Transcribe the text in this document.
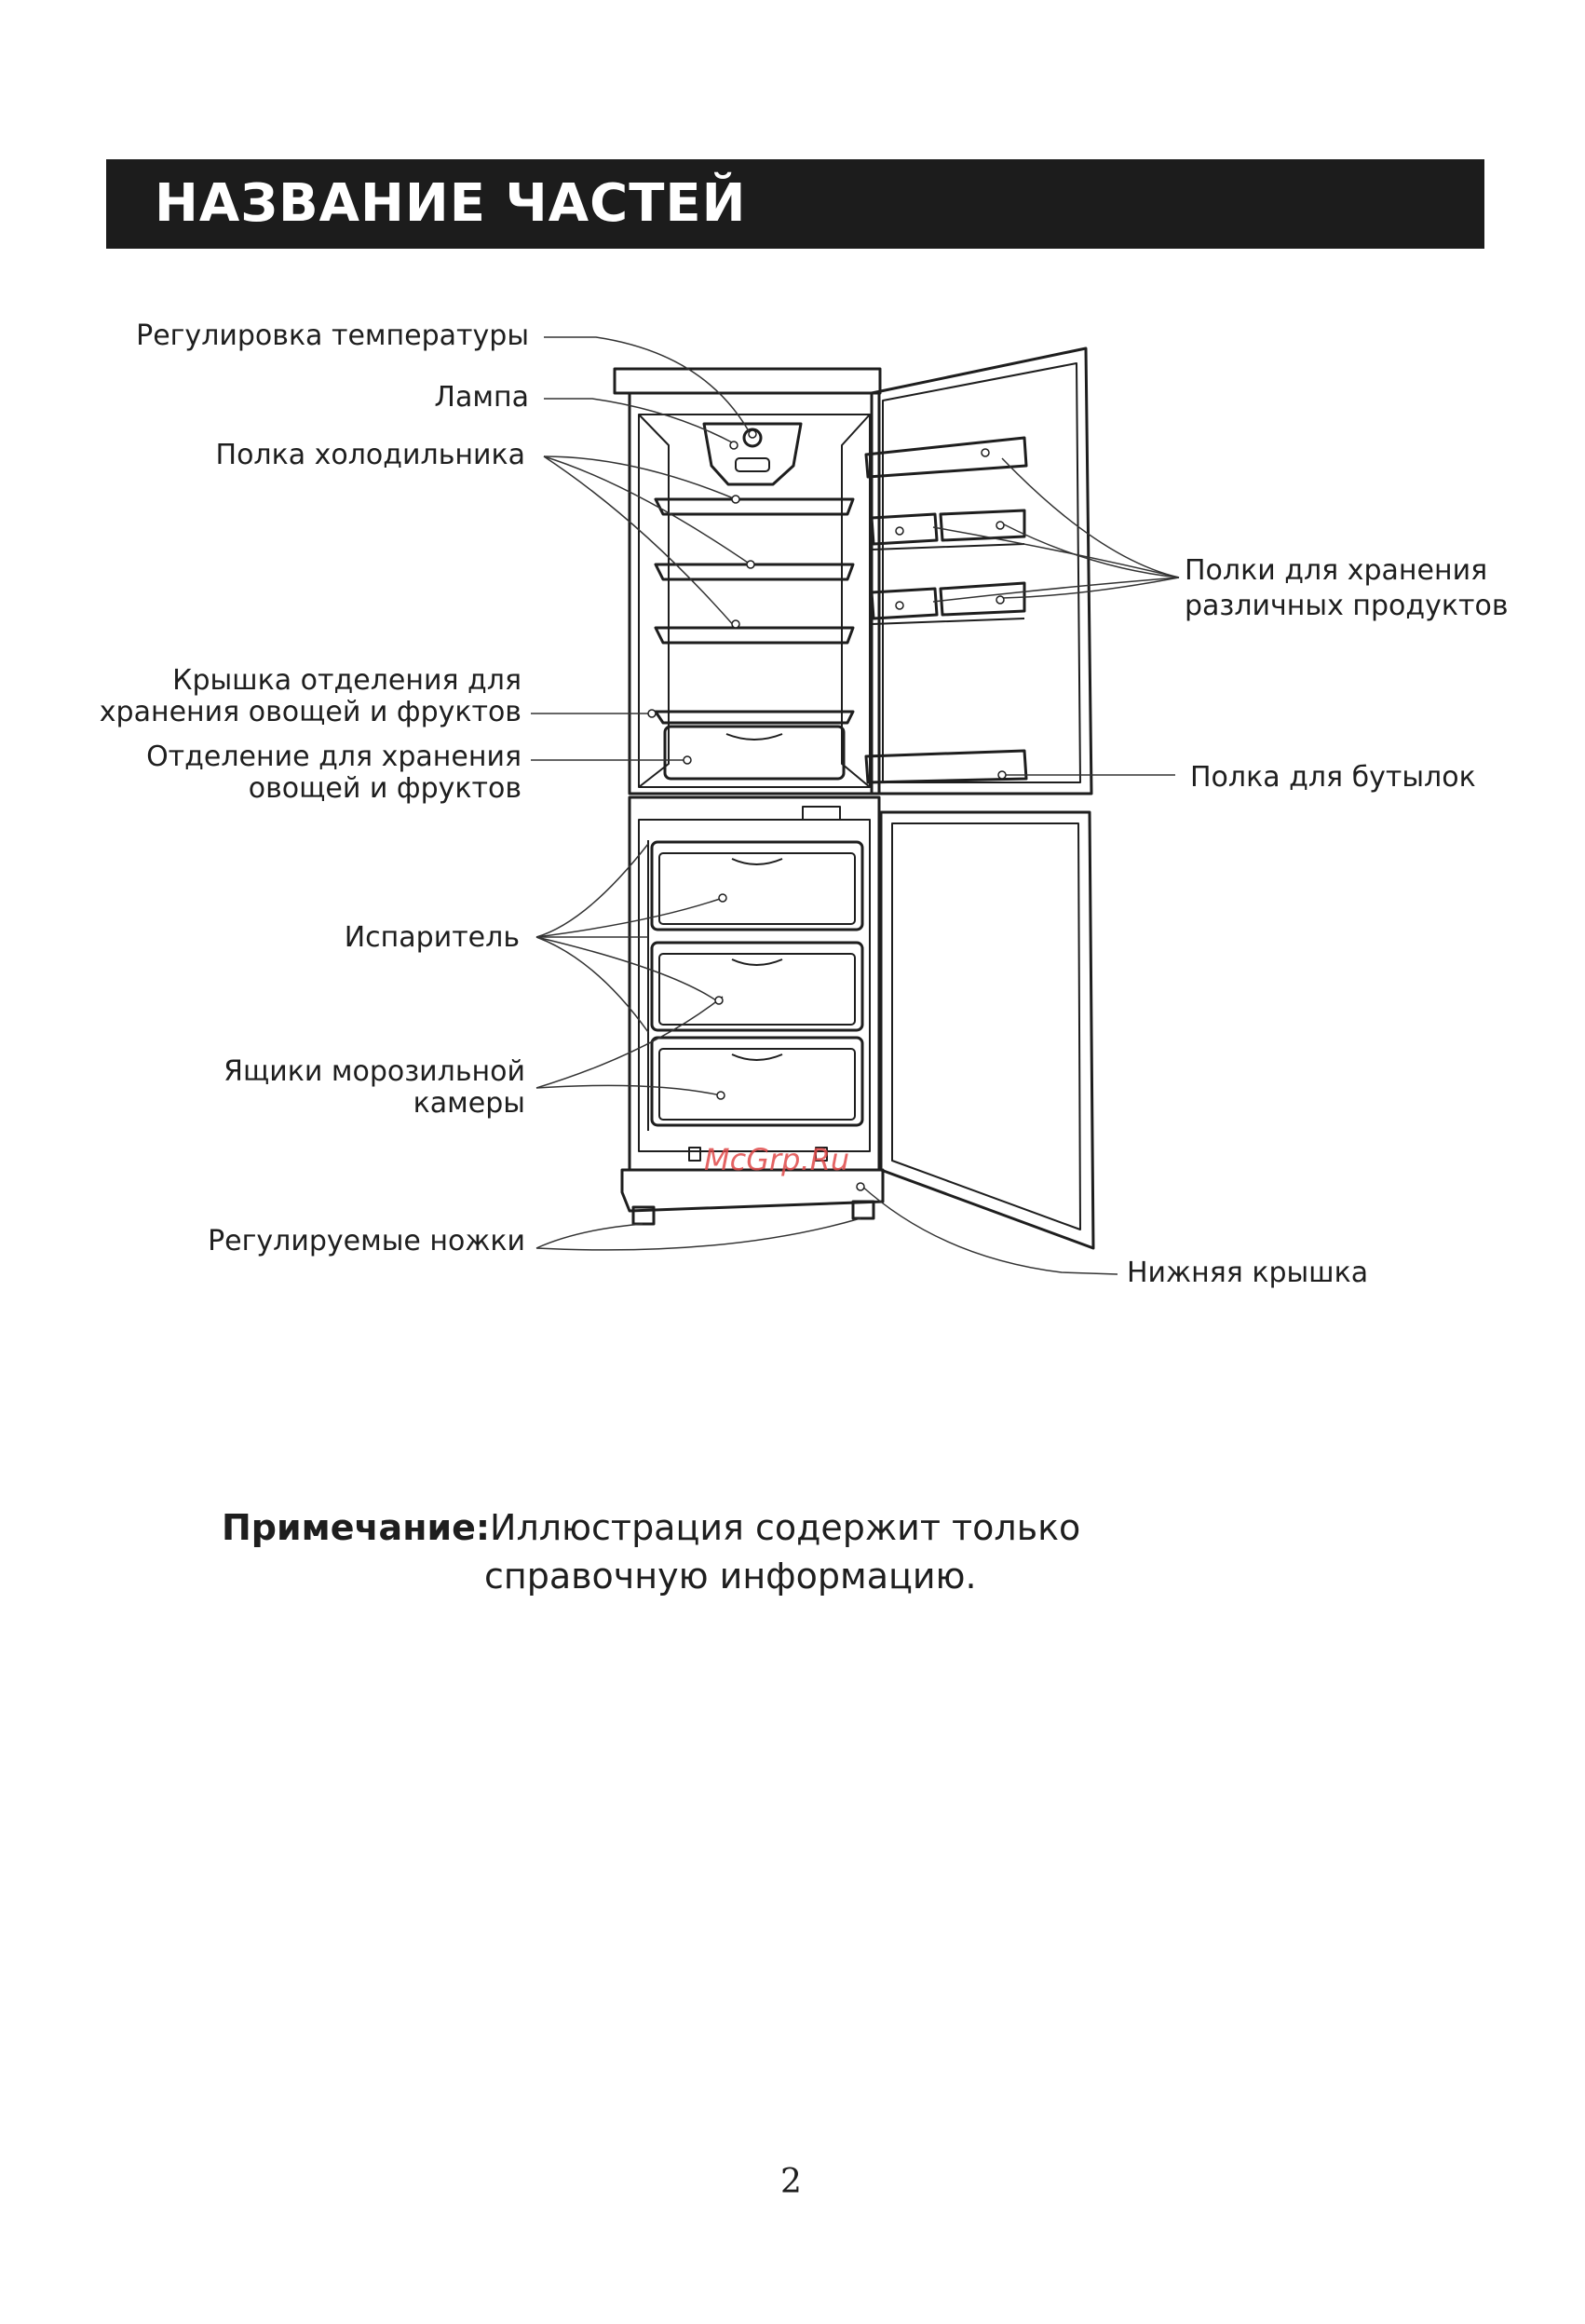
НАЗВАНИЕ ЧАСТЕЙ
Регулировка температуры
Лампа
Полка холодильника
Крышка отделения для
хранения овощей и фруктов
Отделение для хранения
овощей и фруктов
Испаритель
Ящики морозильной
камеры
Регулируемые ножки
Полки для хранения
различных продуктов
Полка для бутылок
Нижняя крышка
McGrp.Ru
Примечание:Иллюстрация содержит только
справочную информацию.
2
